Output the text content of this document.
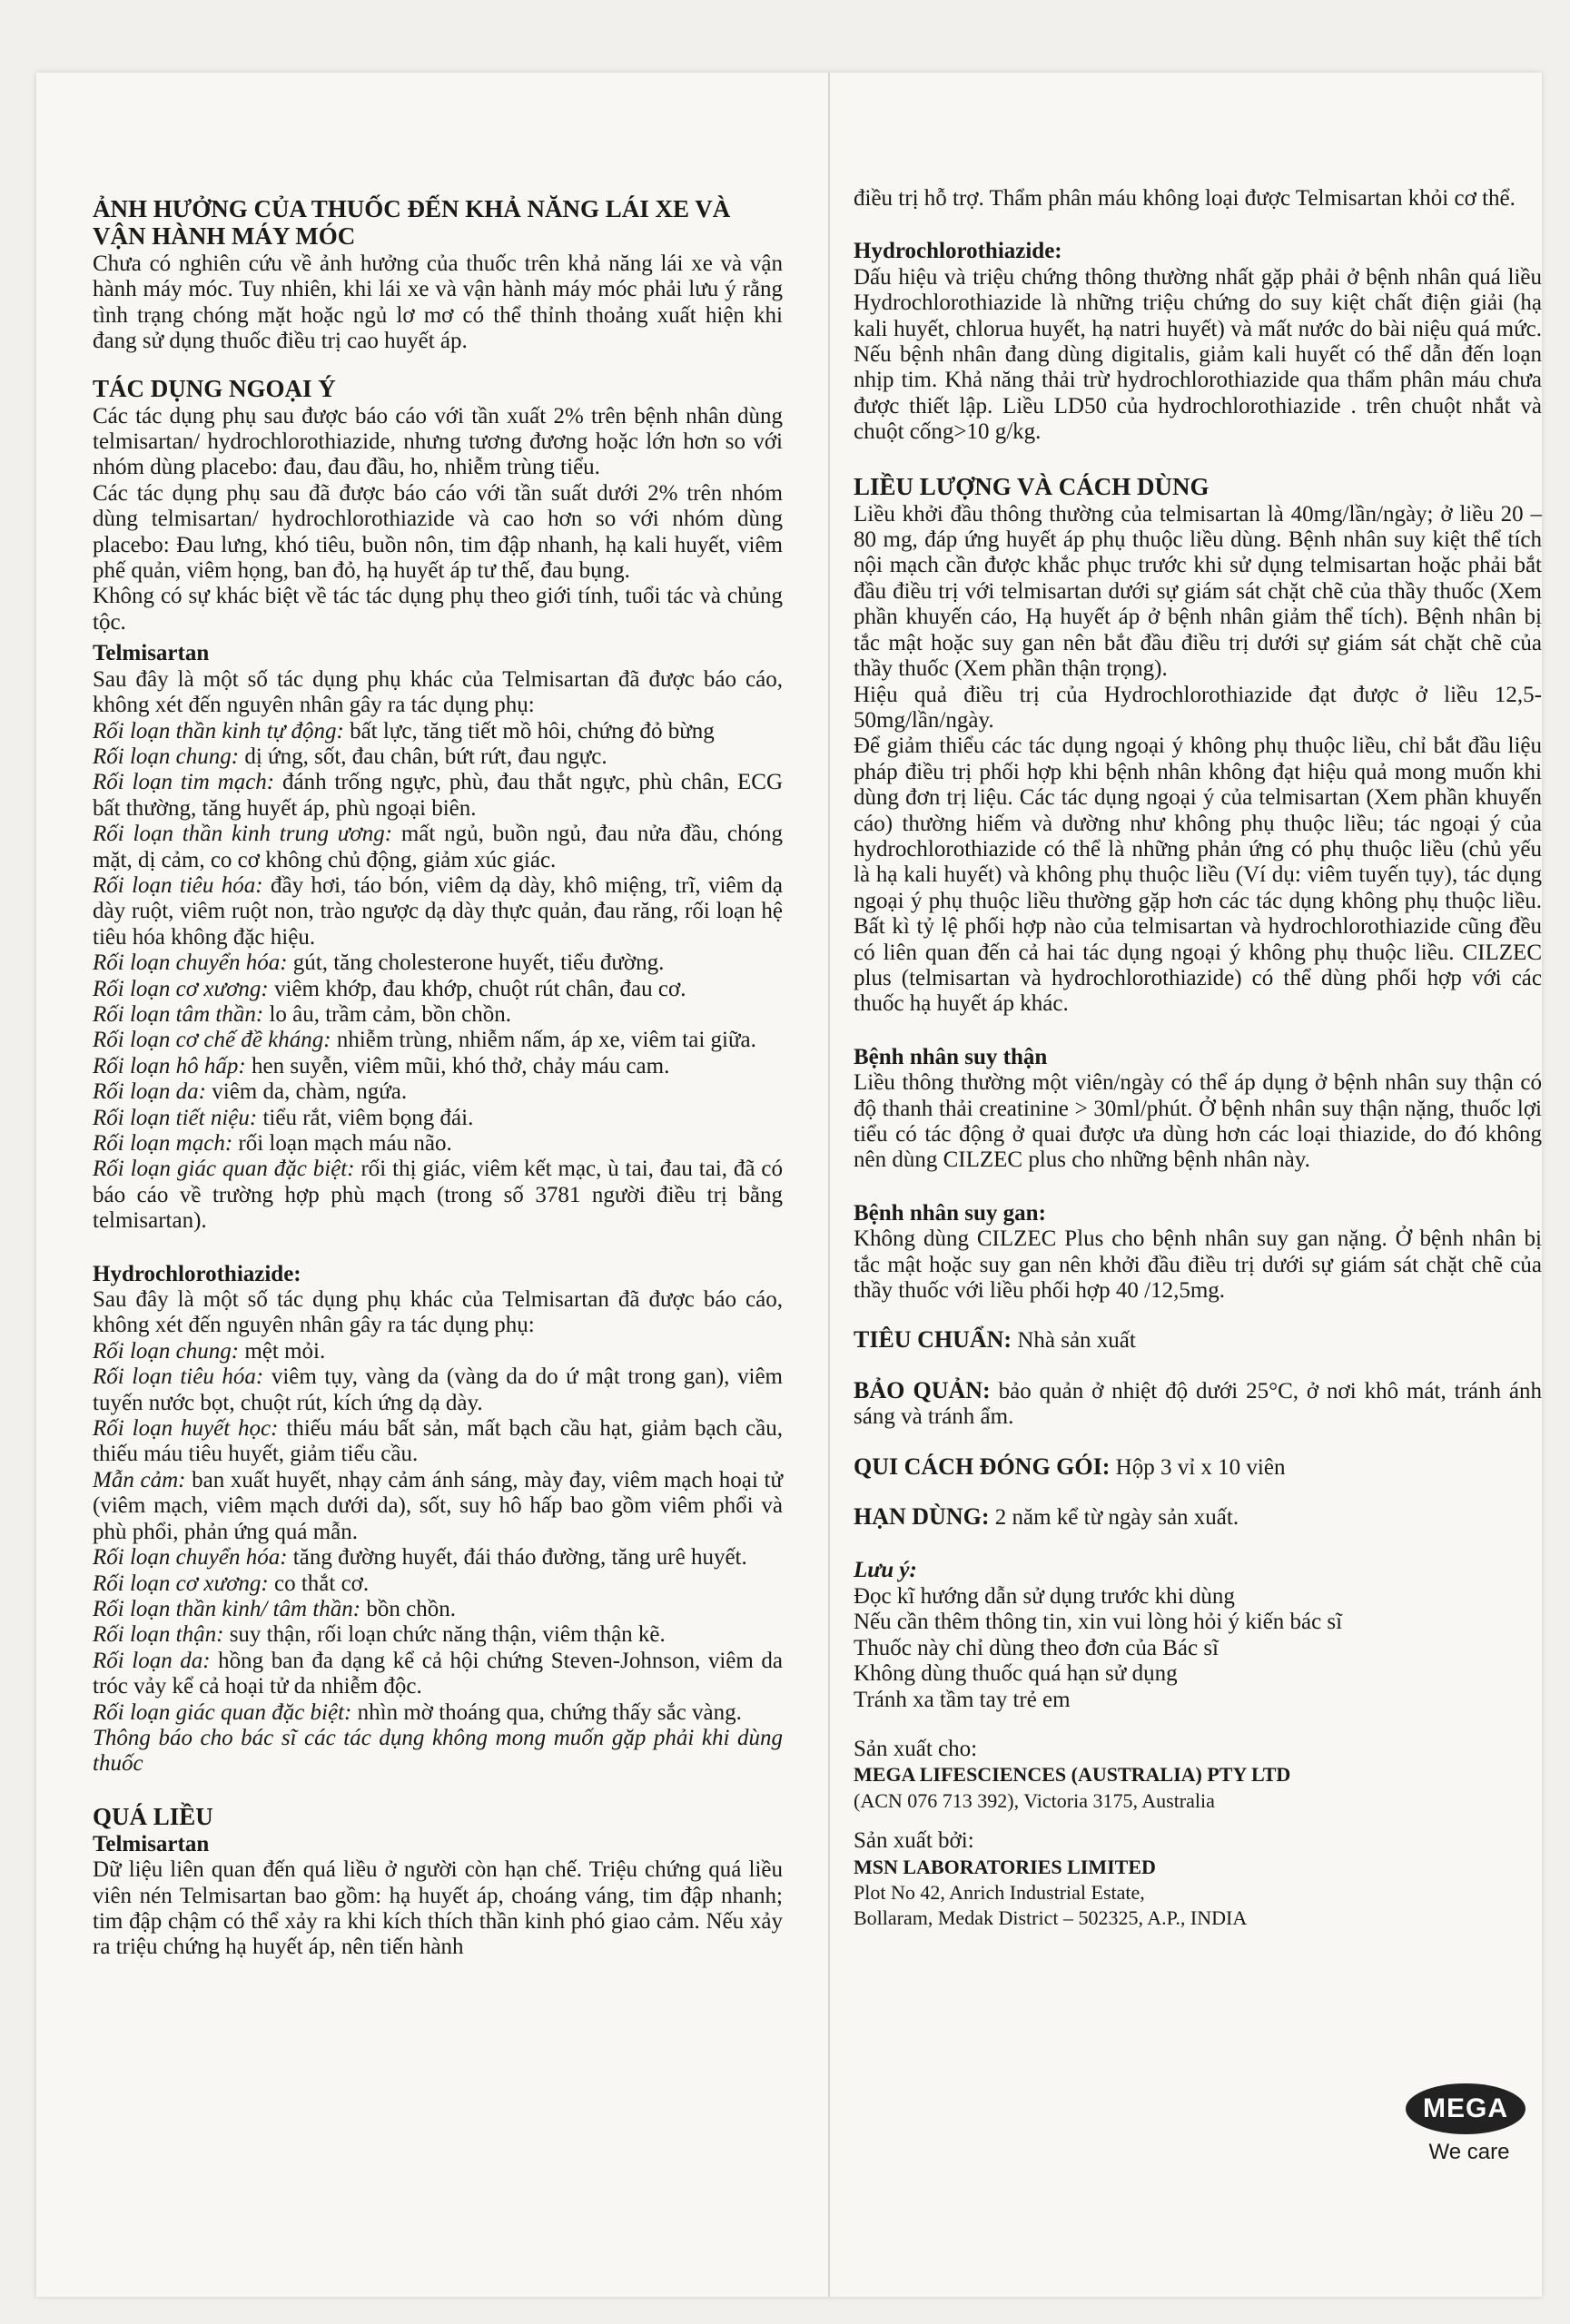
ẢNH HƯỞNG CỦA THUỐC ĐẾN KHẢ NĂNG LÁI XE VÀ VẬN HÀNH MÁY MÓC

Chưa có nghiên cứu về ảnh hưởng của thuốc trên khả năng lái xe và vận hành máy móc. Tuy nhiên, khi lái xe và vận hành máy móc phải lưu ý rằng tình trạng chóng mặt hoặc ngủ lơ mơ có thể thỉnh thoảng xuất hiện khi đang sử dụng thuốc điều trị cao huyết áp.

TÁC DỤNG NGOẠI Ý

Các tác dụng phụ sau được báo cáo với tần xuất 2% trên bệnh nhân dùng telmisartan/ hydrochlorothiazide, nhưng tương đương hoặc lớn hơn so với nhóm dùng placebo: đau, đau đầu, ho, nhiễm trùng tiểu.

Các tác dụng phụ sau đã được báo cáo với tần suất dưới 2% trên nhóm dùng telmisartan/ hydrochlorothiazide và cao hơn so với nhóm dùng placebo: Đau lưng, khó tiêu, buồn nôn, tim đập nhanh, hạ kali huyết, viêm phế quản, viêm họng, ban đỏ, hạ huyết áp tư thế, đau bụng.

Không có sự khác biệt về tác tác dụng phụ theo giới tính, tuổi tác và chủng tộc.

Telmisartan

Sau đây là một số tác dụng phụ khác của Telmisartan đã được báo cáo, không xét đến nguyên nhân gây ra tác dụng phụ:

Rối loạn thần kinh tự động: bất lực, tăng tiết mồ hôi, chứng đỏ bừng

Rối loạn chung: dị ứng, sốt, đau chân, bứt rứt, đau ngực.

Rối loạn tim mạch: đánh trống ngực, phù, đau thắt ngực, phù chân, ECG bất thường, tăng huyết áp, phù ngoại biên.

Rối loạn thần kinh trung ương: mất ngủ, buồn ngủ, đau nửa đầu, chóng mặt, dị cảm, co cơ không chủ động, giảm xúc giác.

Rối loạn tiêu hóa: đầy hơi, táo bón, viêm dạ dày, khô miệng, trĩ, viêm dạ dày ruột, viêm ruột non, trào ngược dạ dày thực quản, đau răng, rối loạn hệ tiêu hóa không đặc hiệu.

Rối loạn chuyển hóa: gút, tăng cholesterone huyết, tiểu đường.

Rối loạn cơ xương: viêm khớp, đau khớp, chuột rút chân, đau cơ.

Rối loạn tâm thần: lo âu, trầm cảm, bồn chồn.

Rối loạn cơ chế đề kháng: nhiễm trùng, nhiễm nấm, áp xe, viêm tai giữa.

Rối loạn hô hấp: hen suyễn, viêm mũi, khó thở, chảy máu cam.

Rối loạn da: viêm da, chàm, ngứa.

Rối loạn tiết niệu: tiểu rắt, viêm bọng đái.

Rối loạn mạch: rối loạn mạch máu não.

Rối loạn giác quan đặc biệt: rối thị giác, viêm kết mạc, ù tai, đau tai, đã có báo cáo về trường hợp phù mạch (trong số 3781 người điều trị bằng telmisartan).

Hydrochlorothiazide:

Sau đây là một số tác dụng phụ khác của Telmisartan đã được báo cáo, không xét đến nguyên nhân gây ra tác dụng phụ:

Rối loạn chung: mệt mỏi.

Rối loạn tiêu hóa: viêm tụy, vàng da (vàng da do ứ mật trong gan), viêm tuyến nước bọt, chuột rút, kích ứng dạ dày.

Rối loạn huyết học: thiếu máu bất sản, mất bạch cầu hạt, giảm bạch cầu, thiếu máu tiêu huyết, giảm tiểu cầu.

Mẫn cảm: ban xuất huyết, nhạy cảm ánh sáng, mày đay, viêm mạch hoại tử (viêm mạch, viêm mạch dưới da), sốt, suy hô hấp bao gồm viêm phổi và phù phổi, phản ứng quá mẫn.

Rối loạn chuyển hóa: tăng đường huyết, đái tháo đường, tăng urê huyết.

Rối loạn cơ xương: co thắt cơ.

Rối loạn thần kinh/ tâm thần: bồn chồn.

Rối loạn thận: suy thận, rối loạn chức năng thận, viêm thận kẽ.

Rối loạn da: hồng ban đa dạng kể cả hội chứng Steven-Johnson, viêm da tróc vảy kể cả hoại tử da nhiễm độc.

Rối loạn giác quan đặc biệt: nhìn mờ thoáng qua, chứng thấy sắc vàng.

Thông báo cho bác sĩ các tác dụng không mong muốn gặp phải khi dùng thuốc

QUÁ LIỀU
Telmisartan

Dữ liệu liên quan đến quá liều ở người còn hạn chế. Triệu chứng quá liều viên nén Telmisartan bao gồm: hạ huyết áp, choáng váng, tim đập nhanh; tim đập chậm có thể xảy ra khi kích thích thần kinh phó giao cảm. Nếu xảy ra triệu chứng hạ huyết áp, nên tiến hành

điều trị hỗ trợ. Thẩm phân máu không loại được Telmisartan khỏi cơ thể.

Hydrochlorothiazide:

Dấu hiệu và triệu chứng thông thường nhất gặp phải ở bệnh nhân quá liều Hydrochlorothiazide là những triệu chứng do suy kiệt chất điện giải (hạ kali huyết, chlorua huyết, hạ natri huyết) và mất nước do bài niệu quá mức. Nếu bệnh nhân đang dùng digitalis, giảm kali huyết có thể dẫn đến loạn nhịp tim. Khả năng thải trừ hydrochlorothiazide qua thẩm phân máu chưa được thiết lập. Liều LD50 của hydrochlorothiazide . trên chuột nhắt và chuột cống>10 g/kg.

LIỀU LƯỢNG VÀ CÁCH DÙNG

Liều khởi đầu thông thường của telmisartan là 40mg/lần/ngày; ở liều 20 – 80 mg, đáp ứng huyết áp phụ thuộc liều dùng. Bệnh nhân suy kiệt thể tích nội mạch cần được khắc phục trước khi sử dụng telmisartan hoặc phải bắt đầu điều trị với telmisartan dưới sự giám sát chặt chẽ của thầy thuốc (Xem phần khuyến cáo, Hạ huyết áp ở bệnh nhân giảm thể tích). Bệnh nhân bị tắc mật hoặc suy gan nên bắt đầu điều trị dưới sự giám sát chặt chẽ của thầy thuốc (Xem phần thận trọng).

Hiệu quả điều trị của Hydrochlorothiazide đạt được ở liều 12,5-50mg/lần/ngày.

Để giảm thiểu các tác dụng ngoại ý không phụ thuộc liều, chỉ bắt đầu liệu pháp điều trị phối hợp khi bệnh nhân không đạt hiệu quả mong muốn khi dùng đơn trị liệu. Các tác dụng ngoại ý của telmisartan (Xem phần khuyến cáo) thường hiếm và dường như không phụ thuộc liều; tác ngoại ý của hydrochlorothiazide có thể là những phản ứng có phụ thuộc liều (chủ yếu là hạ kali huyết) và không phụ thuộc liều (Ví dụ: viêm tuyến tụy), tác dụng ngoại ý phụ thuộc liều thường gặp hơn các tác dụng không phụ thuộc liều. Bất kì tỷ lệ phối hợp nào của telmisartan và hydrochlorothiazide cũng đều có liên quan đến cả hai tác dụng ngoại ý không phụ thuộc liều. CILZEC plus (telmisartan và hydrochlorothiazide) có thể dùng phối hợp với các thuốc hạ huyết áp khác.

Bệnh nhân suy thận

Liều thông thường một viên/ngày có thể áp dụng ở bệnh nhân suy thận có độ thanh thải creatinine > 30ml/phút. Ở bệnh nhân suy thận nặng, thuốc lợi tiểu có tác động ở quai được ưa dùng hơn các loại thiazide, do đó không nên dùng CILZEC plus cho những bệnh nhân này.

Bệnh nhân suy gan:

Không dùng CILZEC Plus cho bệnh nhân suy gan nặng. Ở bệnh nhân bị tắc mật hoặc suy gan nên khởi đầu điều trị dưới sự giám sát chặt chẽ của thầy thuốc với liều phối hợp 40 /12,5mg.

TIÊU CHUẨN: Nhà sản xuất

BẢO QUẢN: bảo quản ở nhiệt độ dưới 25°C, ở nơi khô mát, tránh ánh sáng và tránh ẩm.

QUI CÁCH ĐÓNG GÓI: Hộp 3 vỉ x 10 viên

HẠN DÙNG: 2 năm kể từ ngày sản xuất.

Lưu ý:

Đọc kĩ hướng dẫn sử dụng trước khi dùng

Nếu cần thêm thông tin, xin vui lòng hỏi ý kiến bác sĩ

Thuốc này chỉ dùng theo đơn của Bác sĩ

Không dùng thuốc quá hạn sử dụng

Tránh xa tầm tay trẻ em

Sản xuất cho:

MEGA LIFESCIENCES (AUSTRALIA) PTY LTD

(ACN 076 713 392), Victoria 3175, Australia

Sản xuất bởi:

MSN LABORATORIES LIMITED

Plot No 42, Anrich Industrial Estate,

Bollaram, Medak District – 502325, A.P., INDIA

MEGA
We care
